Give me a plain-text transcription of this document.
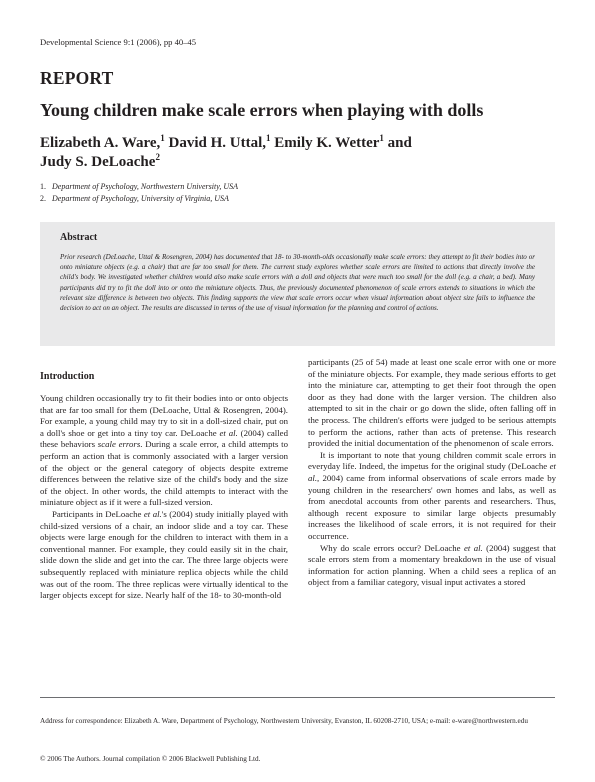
Developmental Science 9:1 (2006), pp 40–45
REPORT
Young children make scale errors when playing with dolls
Elizabeth A. Ware,$^1$ David H. Uttal,$^1$ Emily K. Wetter$^1$ and
Judy S. DeLoache$^2$
1. Department of Psychology, Northwestern University, USA
2. Department of Psychology, University of Virginia, USA
Abstract
Prior research (DeLoache, Uttal & Rosengren, 2004) has documented that 18- to 30-month-olds occasionally make scale errors: they attempt to fit their bodies into or onto miniature objects (e.g. a chair) that are far too small for them. The current study explores whether scale errors are limited to actions that directly involve the child's body. We investigated whether children would also make scale errors with a doll and objects that were much too small for the doll (e.g. a chair, a bed). Many participants did try to fit the doll into or onto the miniature objects. Thus, the previously documented phenomenon of scale errors extends to situations in which the relevant size difference is between two objects. This finding supports the view that scale errors occur when visual information about object size fails to influence the decision to act on an object. The results are discussed in terms of the use of visual information for the planning and control of actions.
Introduction

Young children occasionally try to fit their bodies into or onto objects that are far too small for them (DeLoache, Uttal & Rosengren, 2004). For example, a young child may try to sit in a doll-sized chair, put on a doll's shoe or get into a tiny toy car. DeLoache et al. (2004) called these behaviors scale errors. During a scale error, a child attempts to perform an action that is commonly associated with a larger version of the object or the general category of objects despite extreme differences between the relative size of the child's body and the size of the object. In other words, the child attempts to interact with the miniature object as if it were a full-sized version.

Participants in DeLoache et al.'s (2004) study initially played with child-sized versions of a chair, an indoor slide and a toy car. These objects were large enough for the children to interact with them in a conventional manner. For example, they could easily sit in the chair, slide down the slide and get into the car. The three large objects were subsequently replaced with miniature replica objects while the child was out of the room. The three replicas were virtually identical to the larger objects except for size. Nearly half of the 18- to 30-month-old

participants (25 of 54) made at least one scale error with one or more of the miniature objects. For example, they made serious efforts to get into the miniature car, attempting to get their foot through the open door as they had done with the larger version. The children also attempted to sit in the chair or go down the slide, often falling off in the process. The children's efforts were judged to be serious attempts to perform the actions, rather than acts of pretense. This research provided the initial documentation of the phenomenon of scale errors.

It is important to note that young children commit scale errors in everyday life. Indeed, the impetus for the original study (DeLoache et al., 2004) came from informal observations of scale errors made by young children in the researchers' own homes and labs, as well as from anecdotal accounts from other parents and researchers. Thus, although recent exposure to similar large objects presumably increases the likelihood of scale errors, it is not required for their occurrence.

Why do scale errors occur? DeLoache et al. (2004) suggest that scale errors stem from a momentary breakdown in the use of visual information for action planning. When a child sees a replica of an object from a familiar category, visual input activates a stored

Address for correspondence: Elizabeth A. Ware, Department of Psychology, Northwestern University, Evanston, IL 60208-2710, USA; e-mail: e-ware@northwestern.edu
© 2006 The Authors. Journal compilation © 2006 Blackwell Publishing Ltd.
